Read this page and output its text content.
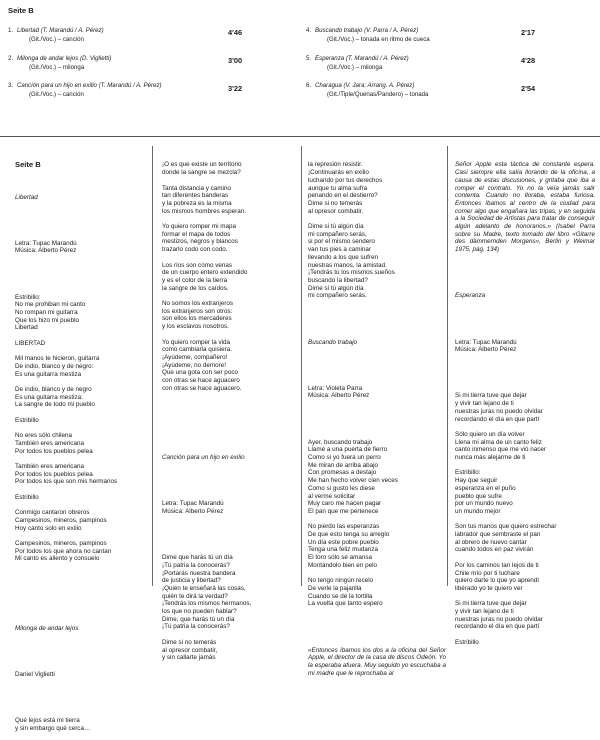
Seite B
1. Libertad (T. Marandú / A. Pérez)
(Git./Voc.) – canción
4'46
2. Milonga de andar lejos (D. Viglietti)
(Git./Voc.) – milonga
3'00
3. Canción para un hijo en exilio (T. Marandú / A. Pérez)
(Git./Voc.) – canción
3'22
4. Buscando trabajo (V. Parra / A. Pérez)
(Git./Voc.) – tonada en ritmo de cueca
2'17
5. Esperanza (T. Marandú / A. Pérez)
(Git./Voc.) – milonga
4'28
6. Charagua (V. Jara; Arrang. A. Pérez)
(Git./Tiple/Quenas/Pandero) – tonada
2'54

Seite B

Libertad

Letra: Tupac Marandú
Música: Alberto Pérez

Estribillo:
No me prohiban mi canto
No rompan mi guitarra
Que los hizo mi pueblo
Libertad
LIBERTAD
Mil manos te hicieron, guitarra
De indio, blanco y de negro:
Es una guitarra mestiza
De indio, blanco y de negro
Es una guitarra mestiza:
La sangre de todo mi pueblo
Estribillo
No eres sólo chilena
También eres americana
Por todos los pueblos pelea
También eres americana
Por todos los pueblos pelea
Por todos los que son mis hermanos
Estribillo
Conmigo cantaron obreros
Campesinos, mineros, pampinos
Hoy canto solo en exilio
Campesinos, mineros, pampinos
Por todos los que ahora no cantan
Mi canto es aliento y consuelo

Milonga de andar lejos

Daniel Viglietti

Qué lejos está mi tierra
y sin embargo qué cerca…

¡O es que existe un territorio
donde la sangre se mezcla?
Tanta distancia y camino
tan diferentes banderas
y la pobreza es la misma
los mismos hombres esperan.
Yo quiero romper mi mapa
formar el mapa de todos
mestizos, negros y blancos
trazarlo codo con codo.
Los ríos son como venas
de un cuerpo entero extendido
y es el color de la tierra
la sangre de los caídos.
No somos los extranjeros
los extranjeros son otros:
son ellos los mercaderes
y los esclavos nosotros.
Yo quiero romper la vida
como cambiarla quisiera.
¡Ayúdeme, compañero!
¡Ayúdeme, no demore!
Que una gota con ser poco
con otras se hace aguacero
con otras se hace aguacero.

Canción para un hijo en exilio

Letra: Tupac Marandú
Música: Alberto Pérez

Dime que harás tú un día
¡Tú patria la conocerás?
¡Portarás nuestra bandera
de justicia y libertad?
¡Quién te enseñará las cosas,
quién te dirá la verdad?
¡Tendrás los mismos hermanos,
los que no pueden hablar?
Dime, que harás tú un día
¡Tú patria la conocerás?
Dime si no temerás
al opresor combatir,
y sin callarte jamás

la represión resistir.
¡Continuarás en exilio
luchando por tus derechos
aunque tu alma sufra
penando en el destierro?
Dime si no temerás
al opresor combatir.
Dime si tú algún día
mi compañero serás,
si por el mismo sendero
van tus pies a caminar
llevando a los que sufren
nuestras manos, la amistad.
¡Tendrás tú los mismos sueños
buscando la libertad?
Dime si tú algún día
mi compañero serás.

Buscando trabajo

Letra: Violeta Parra
Música: Alberto Pérez

Ayer, buscando trabajo
Llamé a una puerta de fierro
Como si yo fuera un perro
Me miran de arriba abajo
Con promesas a destajo
Me han hecho volver cien veces
Como si gusto les diese
al verme solicitar
Muy caro me hacen pagar
El pan que me pertenece
No pierdo las esperanzas
De que esto tenga su arreglo
Un día este pobre pueblo
Tenga una feliz mudanza
El toro sólo se amansa
Montándolo bien en pelo
No tengo ningún recelo
De verle la pajarilla
Cuando se dé la tortilla
La vuelta que tanto espero

«Entonces íbamos los dos a la oficina del Señor Apple, el director de la casa de discos Odeón. Yo la esperaba afuera. Muy seguido yo escuchaba a mi madre que le reprochaba al

Señor Apple esta táctica de constante espera. Casi siempre ella salía llorando de la oficina, a causa de estas discusiones, y gritaba que iba a romper el contrato. Yo no la veía jamás salir contenta. Cuando no lloraba, estaba furiosa. Entonces íbamos al centro de la ciudad para comer algo que engañara las tripas, y en seguida a la Sociedad de Artistas para tratar de conseguir algún adelanto de honorarios.» (Isabel Parra sobre su Madre, texto tomado del libro «Gitarre des dämmernden Morgens», Berlin y Weimar 1975, pág. 134)

Esperanza

Letra: Tupac Marandú
Música: Alberto Pérez

Si mi tierra tuve que dejar
y vivir tan lejano de ti
nuestras juras no puedo olvidar
recordando el día en que partí
Sólo quiero un día volver
Llena mi alma de un canto feliz
canto inmenso que me vió nacer
nunca más alejarme de ti
Estribillo:
Hay que seguir
esperanza en el puño
pueblo que sufre
por un mundo nuevo
un mundo mejor
Son tus manos que quiero estrechar
labrador que sembraste el pan
al obrero de nuevo cantar
cuando todos en paz vivirán
Por los caminos tan lejos de ti
Chile mío por ti luchare
quiero darte lo que yo aprendí
libérado yo te quiero ver
Si mi tierra tuve que dejar
y vivir tan lejano de ti
nuestras juras no puedo olvidar
recordando el día en que partí
Estribillo
